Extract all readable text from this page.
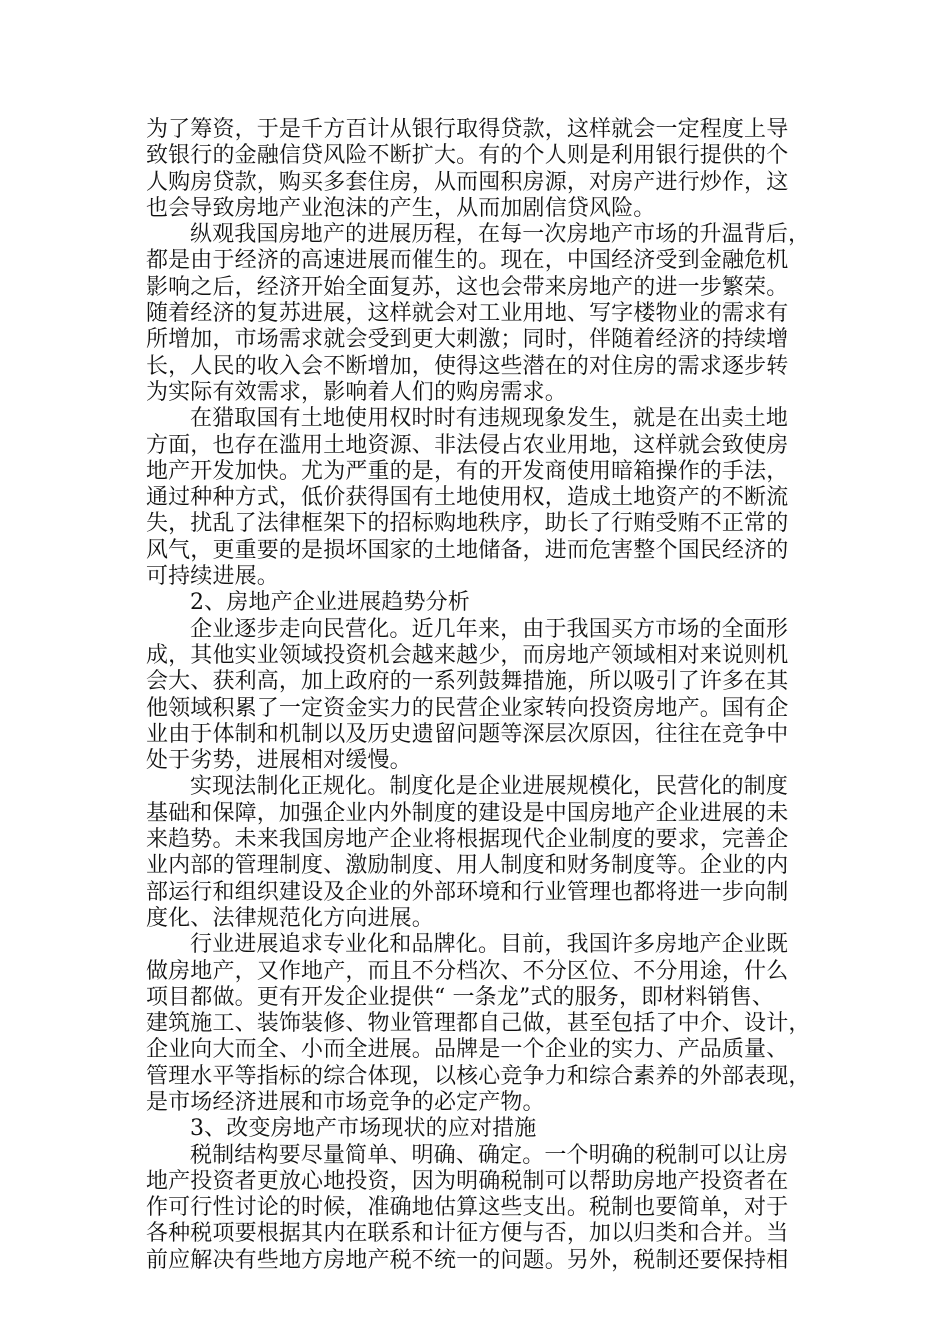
为了筹资，于是千方百计从银行取得贷款，这样就会一定程度上导
致银行的金融信贷风险不断扩大。有的个人则是利用银行提供的个
人购房贷款，购买多套住房，从而囤积房源，对房产进行炒作，这
也会导致房地产业泡沫的产生，从而加剧信贷风险。
纵观我国房地产的进展历程，在每一次房地产市场的升温背后，
都是由于经济的高速进展而催生的。现在，中国经济受到金融危机
影响之后，经济开始全面复苏，这也会带来房地产的进一步繁荣。
随着经济的复苏进展，这样就会对工业用地、写字楼物业的需求有
所增加，市场需求就会受到更大刺激；同时，伴随着经济的持续增
长，人民的收入会不断增加，使得这些潜在的对住房的需求逐步转
为实际有效需求，影响着人们的购房需求。
在猎取国有土地使用权时时有违规现象发生，就是在出卖土地
方面，也存在滥用土地资源、非法侵占农业用地，这样就会致使房
地产开发加快。尤为严重的是，有的开发商使用暗箱操作的手法，
通过种种方式，低价获得国有土地使用权，造成土地资产的不断流
失，扰乱了法律框架下的招标购地秩序，助长了行贿受贿不正常的
风气，更重要的是损坏国家的土地储备，进而危害整个国民经济的
可持续进展。
2、房地产企业进展趋势分析
企业逐步走向民营化。近几年来，由于我国买方市场的全面形
成，其他实业领域投资机会越来越少，而房地产领域相对来说则机
会大、获利高，加上政府的一系列鼓舞措施，所以吸引了许多在其
他领域积累了一定资金实力的民营企业家转向投资房地产。国有企
业由于体制和机制以及历史遗留问题等深层次原因，往往在竞争中
处于劣势，进展相对缓慢。
实现法制化正规化。制度化是企业进展规模化，民营化的制度
基础和保障，加强企业内外制度的建设是中国房地产企业进展的未
来趋势。未来我国房地产企业将根据现代企业制度的要求，完善企
业内部的管理制度、激励制度、用人制度和财务制度等。企业的内
部运行和组织建设及企业的外部环境和行业管理也都将进一步向制
度化、法律规范化方向进展。
行业进展追求专业化和品牌化。目前，我国许多房地产企业既
做房地产，又作地产，而且不分档次、不分区位、不分用途，什么
项目都做。更有开发企业提供“ 一条龙”式的服务，即材料销售、
建筑施工、装饰装修、物业管理都自己做，甚至包括了中介、设计，
企业向大而全、小而全进展。品牌是一个企业的实力、产品质量、
管理水平等指标的综合体现，以核心竞争力和综合素养的外部表现，
是市场经济进展和市场竞争的必定产物。
3、改变房地产市场现状的应对措施
税制结构要尽量简单、明确、确定。一个明确的税制可以让房
地产投资者更放心地投资，因为明确税制可以帮助房地产投资者在
作可行性讨论的时候，准确地估算这些支出。税制也要简单，对于
各种税项要根据其内在联系和计征方便与否，加以归类和合并。当
前应解决有些地方房地产税不统一的问题。另外，税制还要保持相
